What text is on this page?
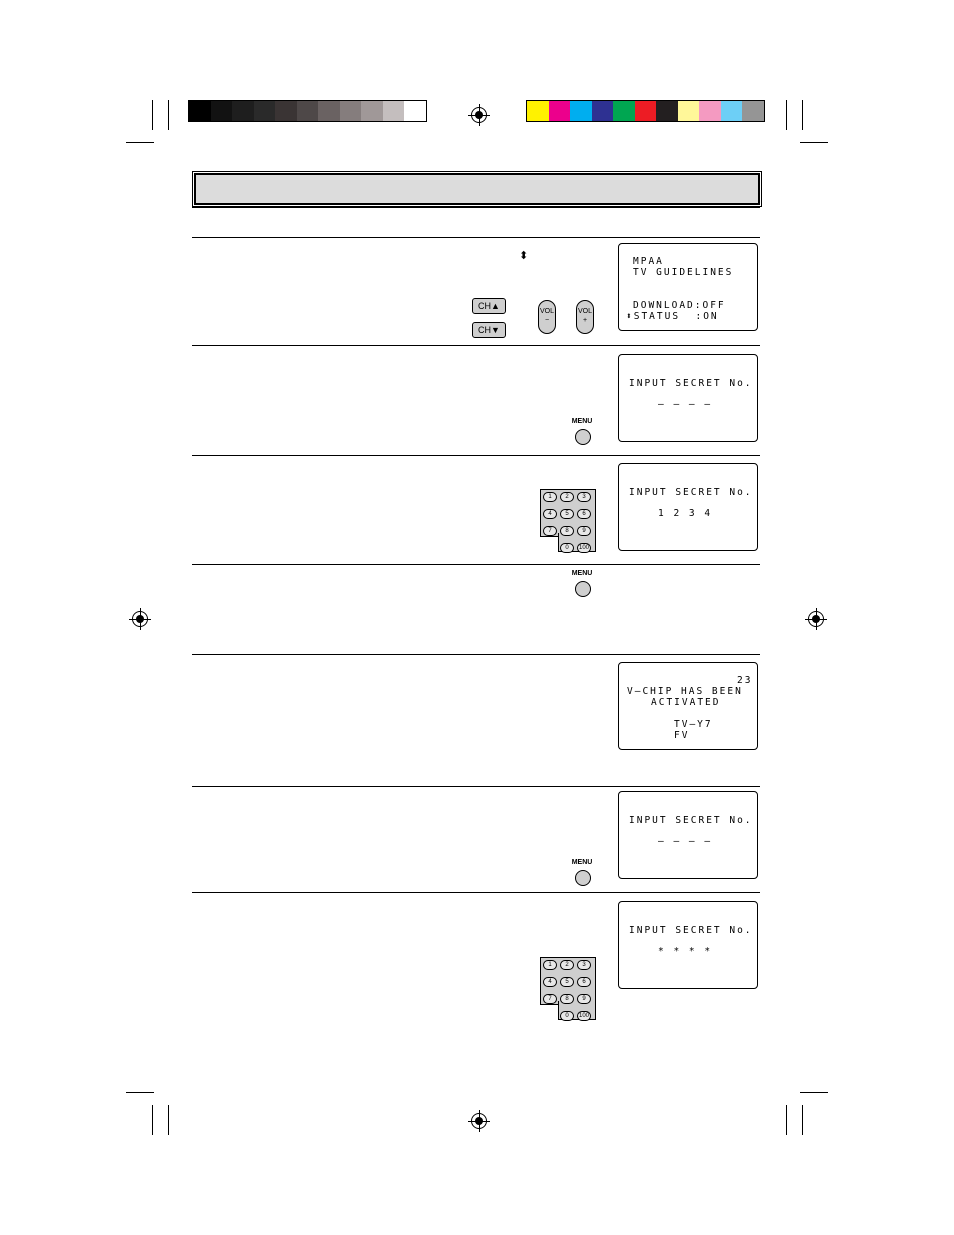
⬍
CH▲
CH▼
VOL
−
VOL
+
MPAA
TV GUIDELINES
DOWNLOAD:OFF
⬍STATUS  :ON
MENU
INPUT SECRET No.
– – – –
1	2	3
4	5	6
7	8	9
0	100
INPUT SECRET No.
1 2 3 4
MENU
23
V–CHIP HAS BEEN
ACTIVATED
TV–Y7
FV
MENU
INPUT SECRET No.
– – – –
1	2	3
4	5	6
7	8	9
0	100
INPUT SECRET No.
* * * *
